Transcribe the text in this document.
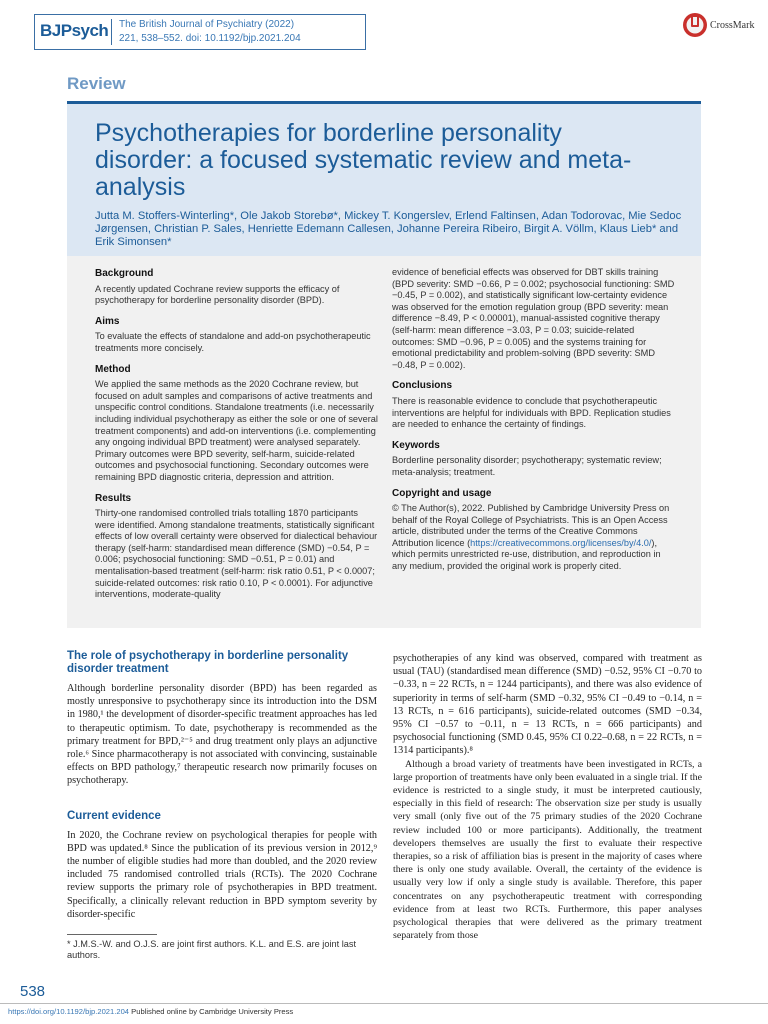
BJPsych The British Journal of Psychiatry (2022)
221, 538–552. doi: 10.1192/bjp.2021.204
CrossMark
Review
Psychotherapies for borderline personality disorder: a focused systematic review and meta-analysis
Jutta M. Stoffers-Winterling*, Ole Jakob Storebø*, Mickey T. Kongerslev, Erlend Faltinsen, Adan Todorovac, Mie Sedoc Jørgensen, Christian P. Sales, Henriette Edemann Callesen, Johanne Pereira Ribeiro, Birgit A. Völlm, Klaus Lieb* and Erik Simonsen*
Background

A recently updated Cochrane review supports the efficacy of psychotherapy for borderline personality disorder (BPD).

Aims

To evaluate the effects of standalone and add-on psychotherapeutic treatments more concisely.

Method

We applied the same methods as the 2020 Cochrane review, but focused on adult samples and comparisons of active treatments and unspecific control conditions. Standalone treatments (i.e. necessarily including individual psychotherapy as either the sole or one of several treatment components) and add-on interventions (i.e. complementing any ongoing individual BPD treatment) were analysed separately. Primary outcomes were BPD severity, self-harm, suicide-related outcomes and psychosocial functioning. Secondary outcomes were remaining BPD diagnostic criteria, depression and attrition.

Results

Thirty-one randomised controlled trials totalling 1870 participants were identified. Among standalone treatments, statistically significant effects of low overall certainty were observed for dialectical behaviour therapy (self-harm: standardised mean difference (SMD) −0.54, P = 0.006; psychosocial functioning: SMD −0.51, P = 0.01) and mentalisation-based treatment (self-harm: risk ratio 0.51, P < 0.0007; suicide-related outcomes: risk ratio 0.10, P < 0.0001). For adjunctive interventions, moderate-quality

evidence of beneficial effects was observed for DBT skills training (BPD severity: SMD −0.66, P = 0.002; psychosocial functioning: SMD −0.45, P = 0.002), and statistically significant low-certainty evidence was observed for the emotion regulation group (BPD severity: mean difference −8.49, P < 0.00001), manual-assisted cognitive therapy (self-harm: mean difference −3.03, P = 0.03; suicide-related outcomes: SMD −0.96, P = 0.005) and the systems training for emotional predictability and problem-solving (BPD severity: SMD −0.48, P = 0.002).

Conclusions

There is reasonable evidence to conclude that psychotherapeutic interventions are helpful for individuals with BPD. Replication studies are needed to enhance the certainty of findings.

Keywords

Borderline personality disorder; psychotherapy; systematic review; meta-analysis; treatment.

Copyright and usage

© The Author(s), 2022. Published by Cambridge University Press on behalf of the Royal College of Psychiatrists. This is an Open Access article, distributed under the terms of the Creative Commons Attribution licence (https://creativecommons.org/licenses/by/4.0/), which permits unrestricted re-use, distribution, and reproduction in any medium, provided the original work is properly cited.

The role of psychotherapy in borderline personality disorder treatment

Although borderline personality disorder (BPD) has been regarded as mostly unresponsive to psychotherapy since its introduction into the DSM in 1980,¹ the development of disorder-specific treatment approaches has led to therapeutic optimism. To date, psychotherapy is recommended as the primary treatment for BPD,²⁻⁵ and drug treatment only plays an adjunctive role.⁶ Since pharmacotherapy is not associated with convincing, sustainable effects on BPD pathology,⁷ therapeutic research now primarily focuses on psychotherapy.

Current evidence

In 2020, the Cochrane review on psychological therapies for people with BPD was updated.⁸ Since the publication of its previous version in 2012,⁹ the number of eligible studies had more than doubled, and the 2020 review included 75 randomised controlled trials (RCTs). The 2020 Cochrane review supports the primary role of psychotherapies in BPD treatment. Specifically, a clinically relevant reduction in BPD symptom severity by disorder-specific

psychotherapies of any kind was observed, compared with treatment as usual (TAU) (standardised mean difference (SMD) −0.52, 95% CI −0.70 to −0.33, n = 22 RCTs, n = 1244 participants), and there was also evidence of superiority in terms of self-harm (SMD −0.32, 95% CI −0.49 to −0.14, n = 13 RCTs, n = 616 participants), suicide-related outcomes (SMD −0.34, 95% CI −0.57 to −0.11, n = 13 RCTs, n = 666 participants) and psychosocial functioning (SMD 0.45, 95% CI 0.22–0.68, n = 22 RCTs, n = 1314 participants).⁸

Although a broad variety of treatments have been investigated in RCTs, a large proportion of treatments have only been evaluated in a single trial. If the evidence is restricted to a single study, it must be interpreted cautiously, especially in this field of research: The observation size per study is usually very small (only five out of the 75 primary studies of the 2020 Cochrane review included 100 or more participants). Additionally, the treatment developers themselves are usually the first to evaluate their respective therapies, so a risk of affiliation bias is present in the majority of cases where there is only one study available. Overall, the certainty of the evidence is usually very low if only a single study is available. Therefore, this paper concentrates on any psychotherapeutic treatment with corresponding evidence from at least two RCTs. Furthermore, this paper analyses psychological therapies that were delivered as the primary treatment separately from those

* J.M.S.-W. and O.J.S. are joint first authors. K.L. and E.S. are joint last authors.
538
https://doi.org/10.1192/bjp.2021.204 Published online by Cambridge University Press
